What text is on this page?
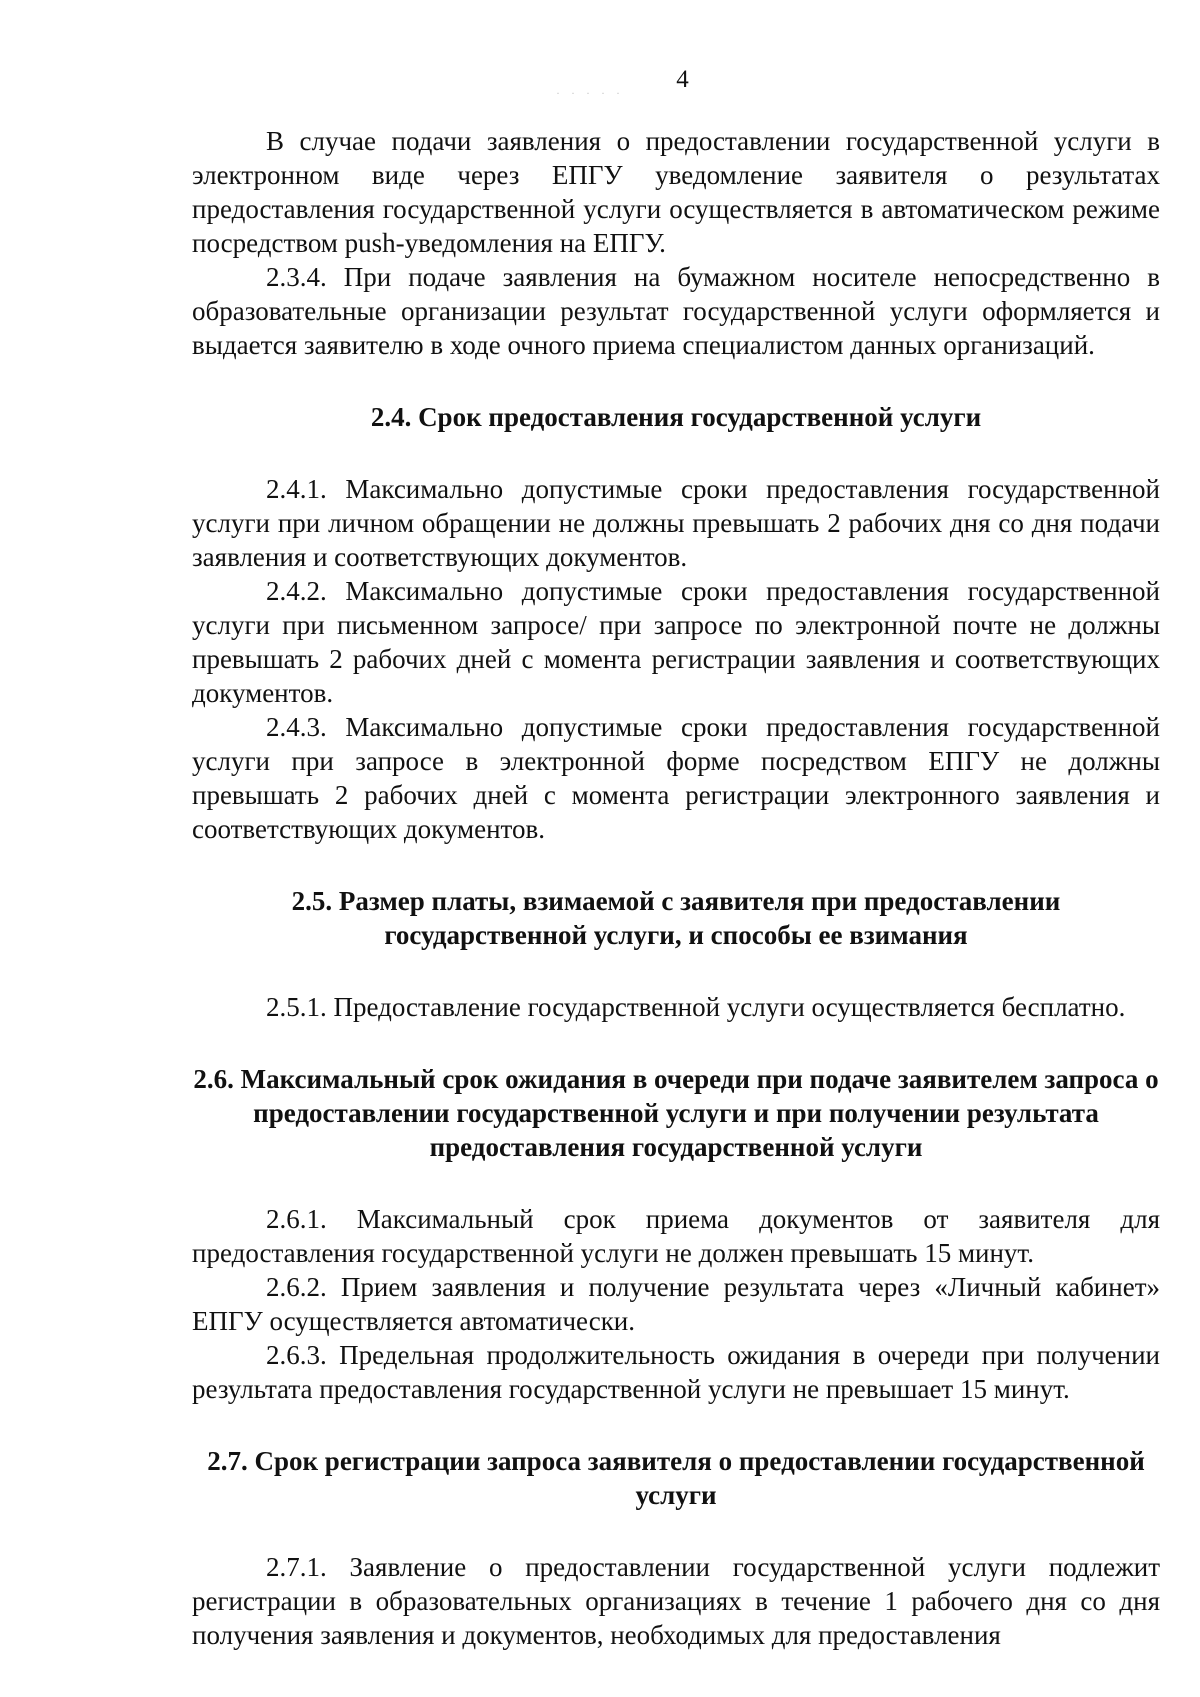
· · · · ·	4

В случае подачи заявления о предоставлении государственной услуги в электронном виде через ЕПГУ уведомление заявителя о результатах предоставления государственной услуги осуществляется в автоматическом режиме посредством push-уведомления на ЕПГУ.

2.3.4. При подаче заявления на бумажном носителе непосредственно в образовательные организации результат государственной услуги оформляется и выдается заявителю в ходе очного приема специалистом данных организаций.

2.4. Срок предоставления государственной услуги

2.4.1. Максимально допустимые сроки предоставления государственной услуги при личном обращении не должны превышать 2 рабочих дня со дня подачи заявления и соответствующих документов.

2.4.2. Максимально допустимые сроки предоставления государственной услуги при письменном запросе/ при запросе по электронной почте не должны превышать 2 рабочих дней с момента регистрации заявления и соответствующих документов.

2.4.3. Максимально допустимые сроки предоставления государственной услуги при запросе в электронной форме посредством ЕПГУ не должны превышать 2 рабочих дней с момента регистрации электронного заявления и соответствующих документов.

2.5. Размер платы, взимаемой с заявителя при предоставлении государственной услуги, и способы ее взимания

2.5.1. Предоставление государственной услуги осуществляется бесплатно.

2.6. Максимальный срок ожидания в очереди при подаче заявителем запроса о предоставлении государственной услуги и при получении результата предоставления государственной услуги

2.6.1. Максимальный срок приема документов от заявителя для предоставления государственной услуги не должен превышать 15 минут.

2.6.2. Прием заявления и получение результата через «Личный кабинет» ЕПГУ осуществляется автоматически.

2.6.3. Предельная продолжительность ожидания в очереди при получении результата предоставления государственной услуги не превышает 15 минут.

2.7. Срок регистрации запроса заявителя о предоставлении государственной услуги

2.7.1. Заявление о предоставлении государственной услуги подлежит регистрации в образовательных организациях в течение 1 рабочего дня со дня получения заявления и документов, необходимых для предоставления
